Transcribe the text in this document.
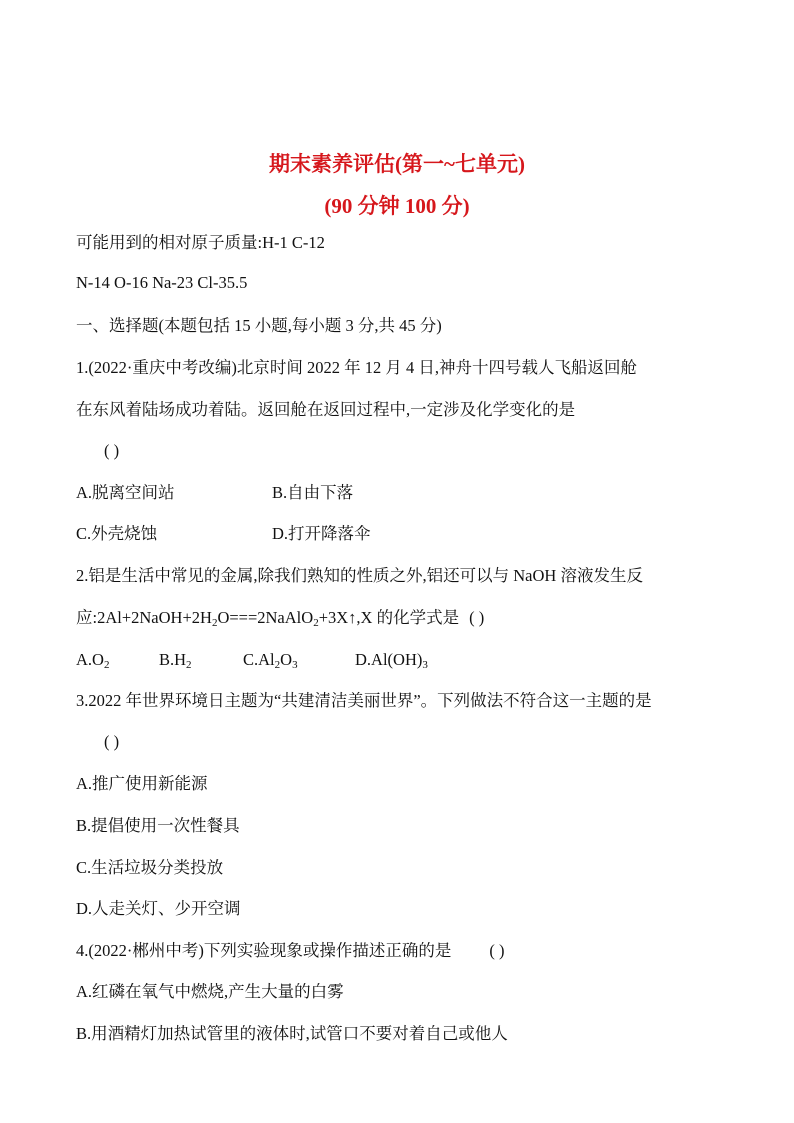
期末素养评估(第一~七单元)
(90 分钟 100 分)
可能用到的相对原子质量:H-1 C-12
N-14 O-16 Na-23 Cl-35.5
一、选择题(本题包括 15 小题,每小题 3 分,共 45 分)
1.(2022·重庆中考改编)北京时间 2022 年 12 月 4 日,神舟十四号载人飞船返回舱
在东风着陆场成功着陆。返回舱在返回过程中,一定涉及化学变化的是
( )
A.脱离空间站	B.自由下落
C.外壳烧蚀	D.打开降落伞
2.铝是生活中常见的金属,除我们熟知的性质之外,铝还可以与 NaOH 溶液发生反
应$:2Al+2NaOH+2H_2O===2NaAlO_2+3X↑,X$ 的化学式是 ( )
$A.O_2$	$B.H_2$	$C.Al_2O_3$	$D.Al(OH)_3$
3.2022 年世界环境日主题为“共建清洁美丽世界”。下列做法不符合这一主题的是
( )
A.推广使用新能源
B.提倡使用一次性餐具
C.生活垃圾分类投放
D.人走关灯、少开空调
4.(2022·郴州中考)下列实验现象或操作描述正确的是 ( )
A.红磷在氧气中燃烧,产生大量的白雾
B.用酒精灯加热试管里的液体时,试管口不要对着自己或他人
